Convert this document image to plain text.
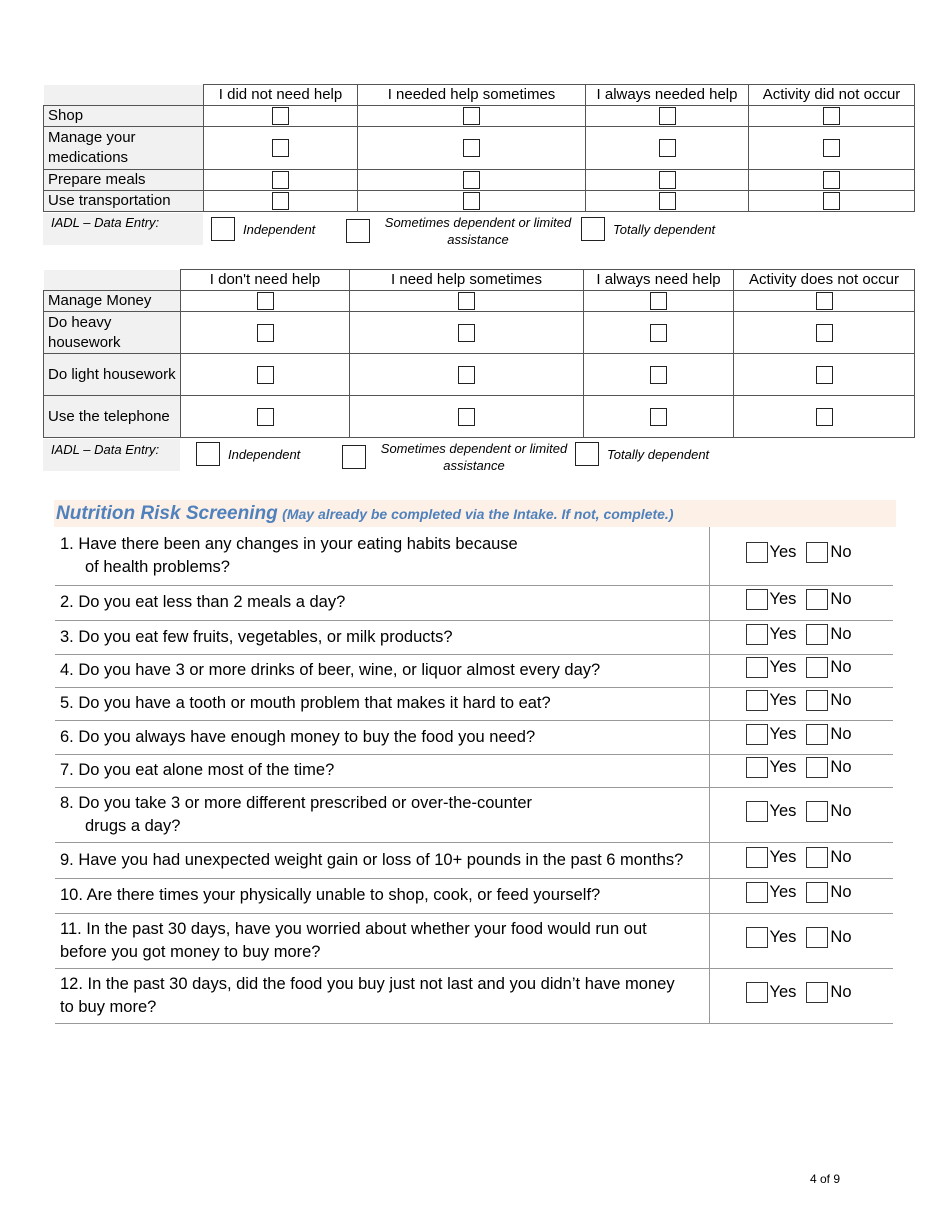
	I did not need help	I needed help sometimes	I always needed help	Activity did not occur
Shop				
Manage your medications				
Prepare meals				
Use transportation				
IADL – Data Entry:	Independent	Sometimes dependent or limited assistance
Totally dependent
	I don't need help	I need help sometimes	I always need help	Activity does not occur
Manage Money				
Do heavy housework				
Do light housework				
Use the telephone				
IADL – Data Entry:	Independent	Sometimes dependent or limited assistance
Totally dependent
Nutrition Risk Screening (May already be completed via the Intake. If not, complete.)
1. Have there been any changes in your eating habits because
of health problems?	Yes No

2. Do you eat less than 2 meals a day?	Yes No

3. Do you eat few fruits, vegetables, or milk products?	Yes No

4. Do you have 3 or more drinks of beer, wine, or liquor almost every day?	Yes No

5. Do you have a tooth or mouth problem that makes it hard to eat?	Yes No

6. Do you always have enough money to buy the food you need?	Yes No

7. Do you eat alone most of the time?	Yes No

8. Do you take 3 or more different prescribed or over-the-counter
drugs a day?	Yes No

9. Have you had unexpected weight gain or loss of 10+ pounds in the past 6 months?	Yes No

10. Are there times your physically unable to shop, cook, or feed yourself?	Yes No

11. In the past 30 days, have you worried about whether your food would run out
before you got money to buy more?	Yes No

12. In the past 30 days, did the food you buy just not last and you didn’t have money
to buy more?	Yes No
4 of 9
